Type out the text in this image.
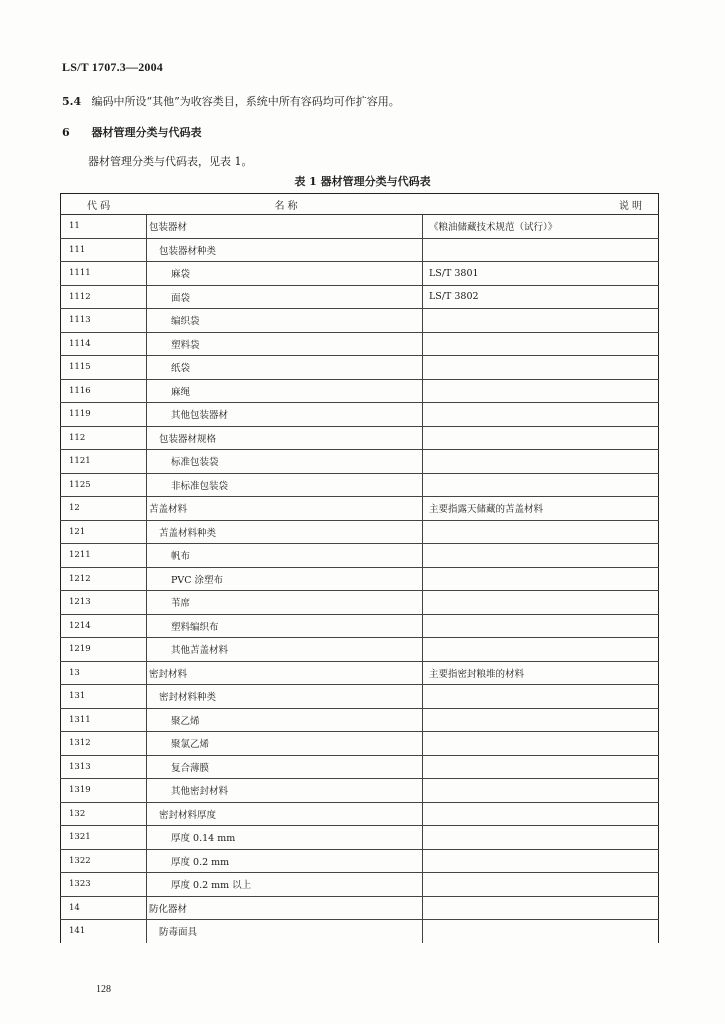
LS/T 1707.3—2004
5.4 编码中所设“其他”为收容类目，系统中所有容码均可作扩容用。
6 器材管理分类与代码表
器材管理分类与代码表，见表 1。
表 1 器材管理分类与代码表
代 码	名 称	说 明
11	包装器材	《粮油储藏技术规范（试行）》
111	包装器材种类	
1111	麻袋	LS/T 3801
1112	面袋	LS/T 3802
1113	编织袋	
1114	塑料袋	
1115	纸袋	
1116	麻绳	
1119	其他包装器材	
112	包装器材规格	
1121	标准包装袋	
1125	非标准包装袋	
12	苫盖材料	主要指露天储藏的苫盖材料
121	苫盖材料种类	
1211	帆布	
1212	PVC 涂塑布	
1213	苇席	
1214	塑料编织布	
1219	其他苫盖材料	
13	密封材料	主要指密封粮堆的材料
131	密封材料种类	
1311	聚乙烯	
1312	聚氯乙烯	
1313	复合薄膜	
1319	其他密封材料	
132	密封材料厚度	
1321	厚度 0.14 mm	
1322	厚度 0.2 mm	
1323	厚度 0.2 mm 以上	
14	防化器材	
141	防毒面具	
128
